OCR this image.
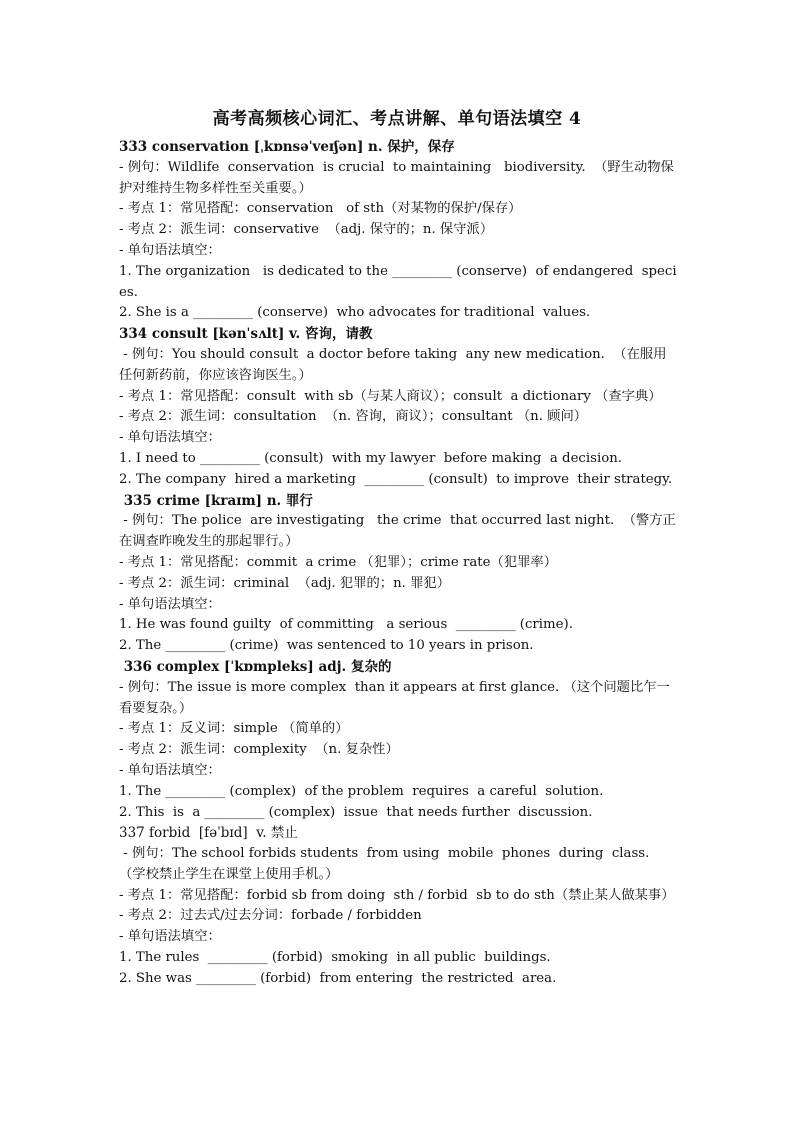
高考高频核心词汇、考点讲解、单句语法填空 4
333 conservation [ˌkɒnsəˈveɪʃən] n. 保护，保存
- 例句：Wildlife  conservation  is crucial  to maintaining   biodiversity.  （野生动物保护对维持生物多样性至关重要。）
- 考点 1：常见搭配：conservation   of sth（对某物的保护/保存）
- 考点 2：派生词：conservative  （adj. 保守的；n. 保守派）
- 单句语法填空：
1. The organization   is dedicated to the _________ (conserve)  of endangered  species.
2. She is a _________ (conserve)  who advocates for traditional  values.
334 consult [kənˈsʌlt] v. 咨询，请教
- 例句：You should consult  a doctor before taking  any new medication.  （在服用任何新药前，你应该咨询医生。）
- 考点 1：常见搭配：consult  with sb（与某人商议）；consult  a dictionary （查字典）
- 考点 2：派生词：consultation  （n. 咨询，商议）；consultant （n. 顾问）
- 单句语法填空：
1. I need to _________ (consult)  with my lawyer  before making  a decision.
2. The company  hired a marketing  _________ (consult)  to improve  their strategy.
335 crime [kraɪm] n. 罪行
- 例句：The police  are investigating   the crime  that occurred last night.  （警方正在调查昨晚发生的那起罪行。）
- 考点 1：常见搭配：commit  a crime （犯罪）；crime rate（犯罪率）
- 考点 2：派生词：criminal  （adj. 犯罪的；n. 罪犯）
- 单句语法填空：
1. He was found guilty  of committing   a serious  _________ (crime).
2. The _________ (crime)  was sentenced to 10 years in prison.
336 complex [ˈkɒmpleks] adj. 复杂的
- 例句：The issue is more complex  than it appears at first glance. （这个问题比乍一看要复杂。）
- 考点 1：反义词：simple （简单的）
- 考点 2：派生词：complexity  （n. 复杂性）
- 单句语法填空：
1. The _________ (complex)  of the problem  requires  a careful  solution.
2. This  is  a _________ (complex)  issue  that needs further  discussion.
337 forbid  [fəˈbɪd]  v. 禁止
- 例句：The school forbids students  from using  mobile  phones  during  class. （学校禁止学生在课堂上使用手机。）
- 考点 1：常见搭配：forbid sb from doing  sth / forbid  sb to do sth（禁止某人做某事）
- 考点 2：过去式/过去分词：forbade / forbidden
- 单句语法填空：
1. The rules  _________ (forbid)  smoking  in all public  buildings.
2. She was _________ (forbid)  from entering  the restricted  area.
